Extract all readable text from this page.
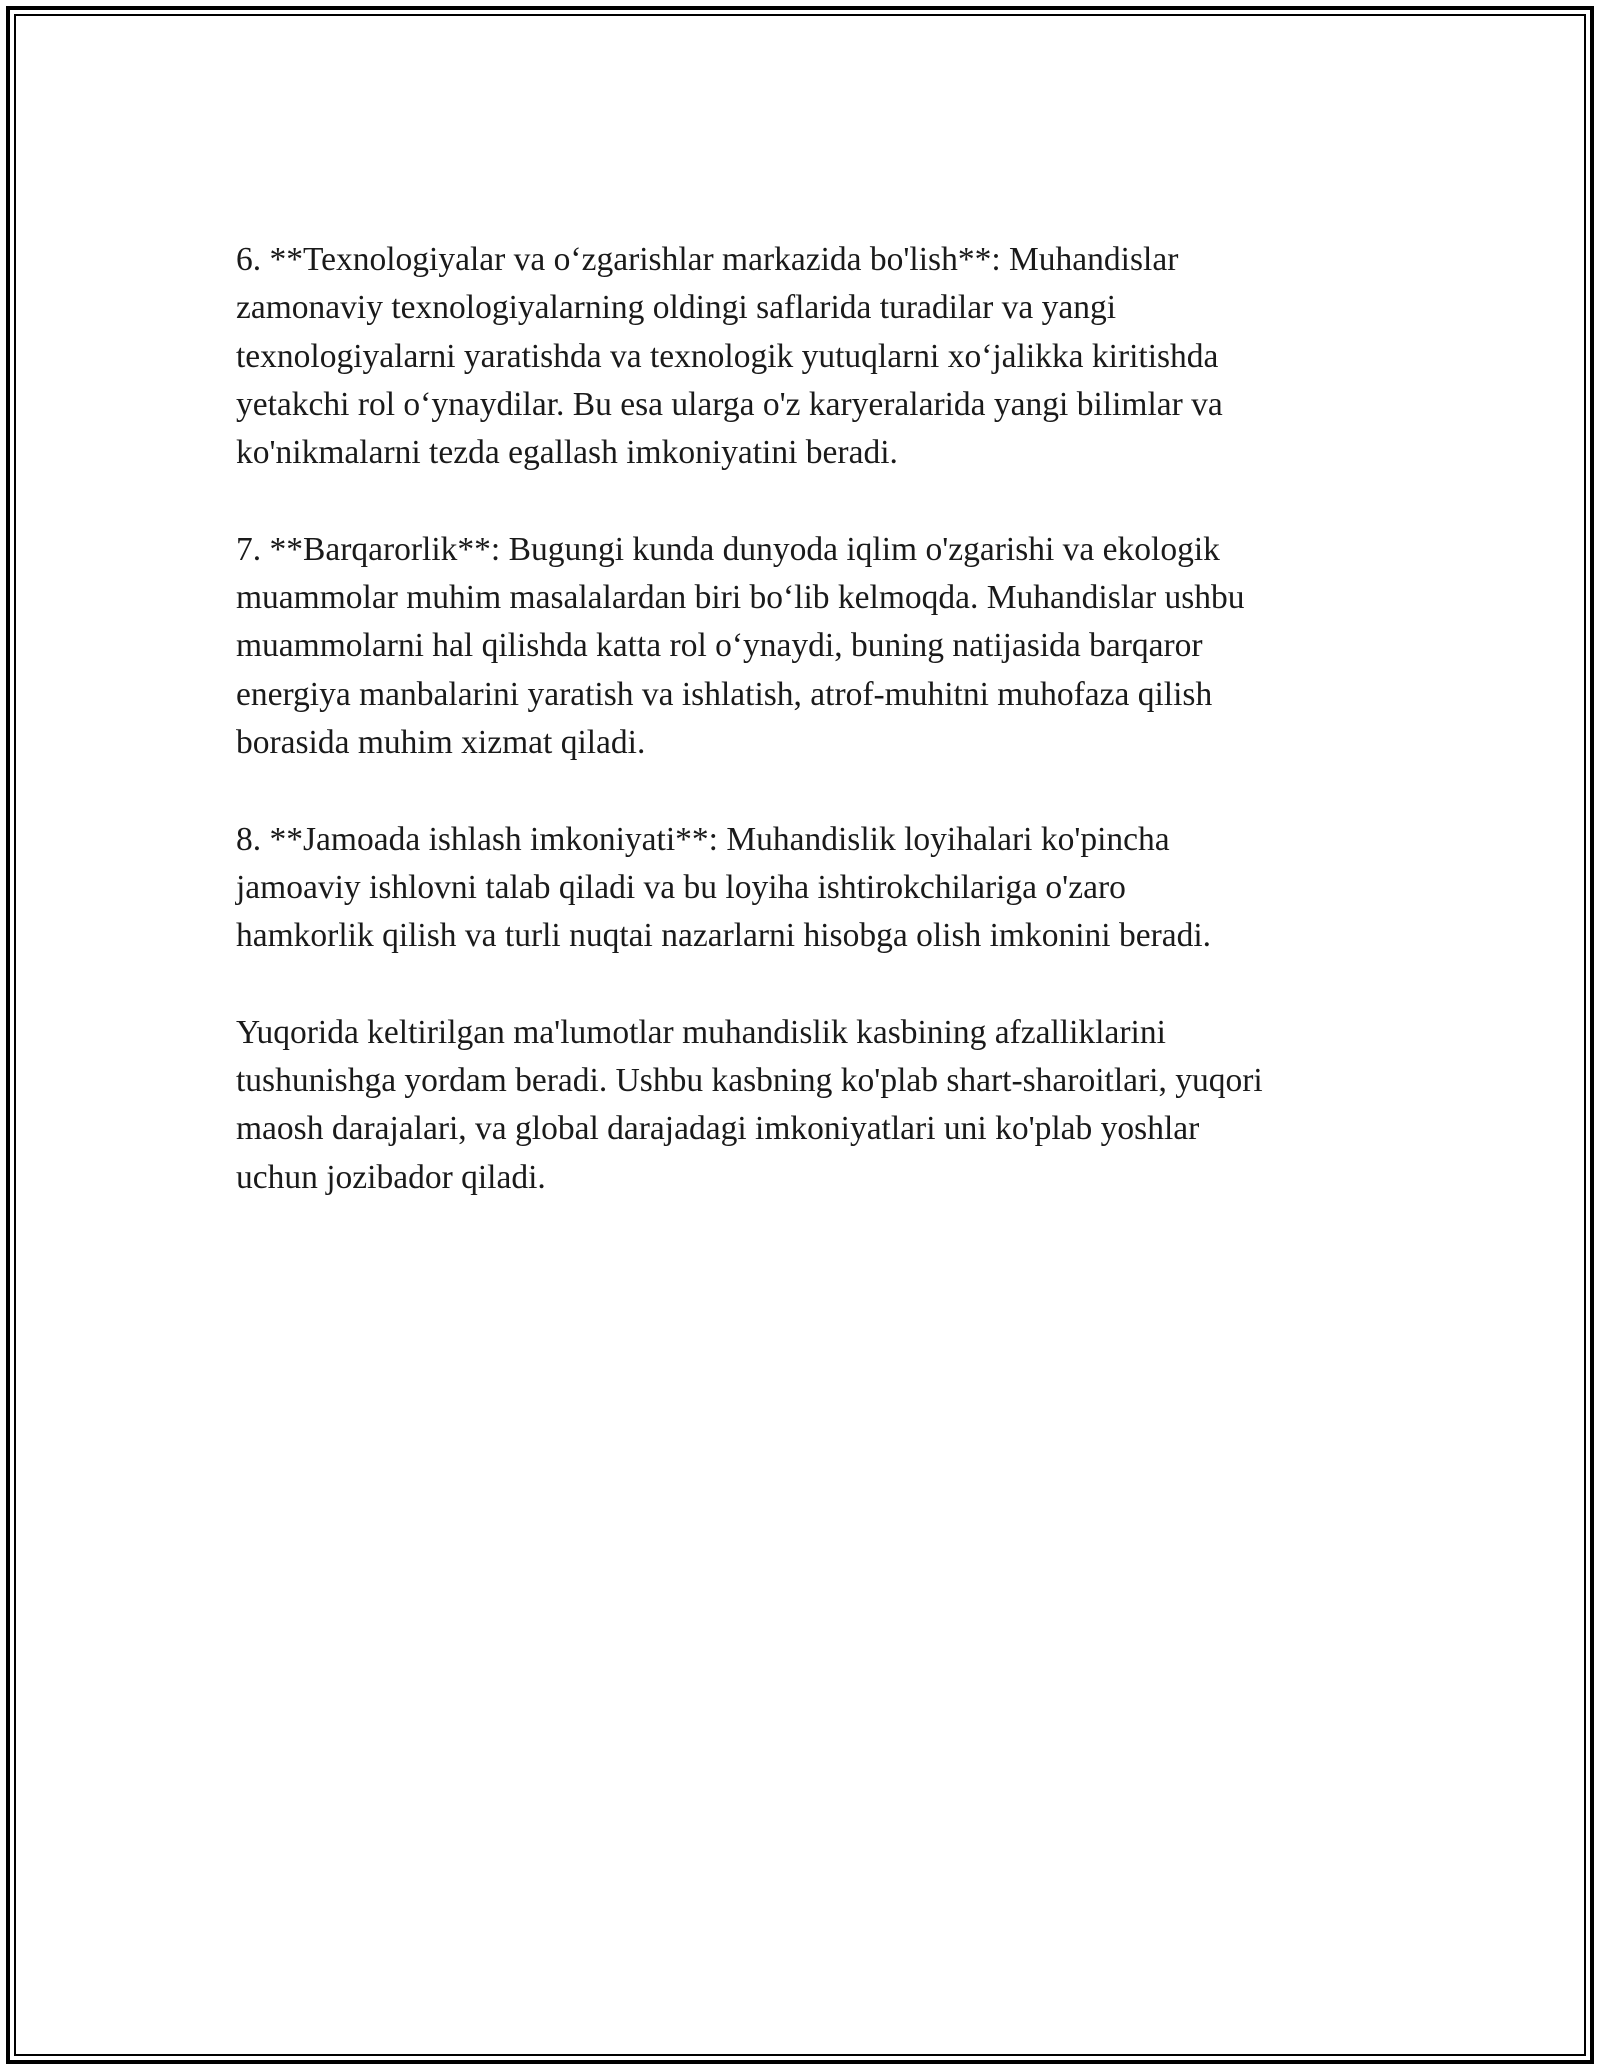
6. **Texnologiyalar va o‘zgarishlar markazida bo'lish**: Muhandislar
zamonaviy texnologiyalarning oldingi saflarida turadilar va yangi
texnologiyalarni yaratishda va texnologik yutuqlarni xo‘jalikka kiritishda
yetakchi rol o‘ynaydilar. Bu esa ularga o'z karyeralarida yangi bilimlar va
ko'nikmalarni tezda egallash imkoniyatini beradi.

7. **Barqarorlik**: Bugungi kunda dunyoda iqlim o'zgarishi va ekologik
muammolar muhim masalalardan biri bo‘lib kelmoqda. Muhandislar ushbu
muammolarni hal qilishda katta rol o‘ynaydi, buning natijasida barqaror
energiya manbalarini yaratish va ishlatish, atrof-muhitni muhofaza qilish
borasida muhim xizmat qiladi.

8. **Jamoada ishlash imkoniyati**: Muhandislik loyihalari ko'pincha
jamoaviy ishlovni talab qiladi va bu loyiha ishtirokchilariga o'zaro
hamkorlik qilish va turli nuqtai nazarlarni hisobga olish imkonini beradi.

Yuqorida keltirilgan ma'lumotlar muhandislik kasbining afzalliklarini
tushunishga yordam beradi. Ushbu kasbning ko'plab shart-sharoitlari, yuqori
maosh darajalari, va global darajadagi imkoniyatlari uni ko'plab yoshlar
uchun jozibador qiladi.
